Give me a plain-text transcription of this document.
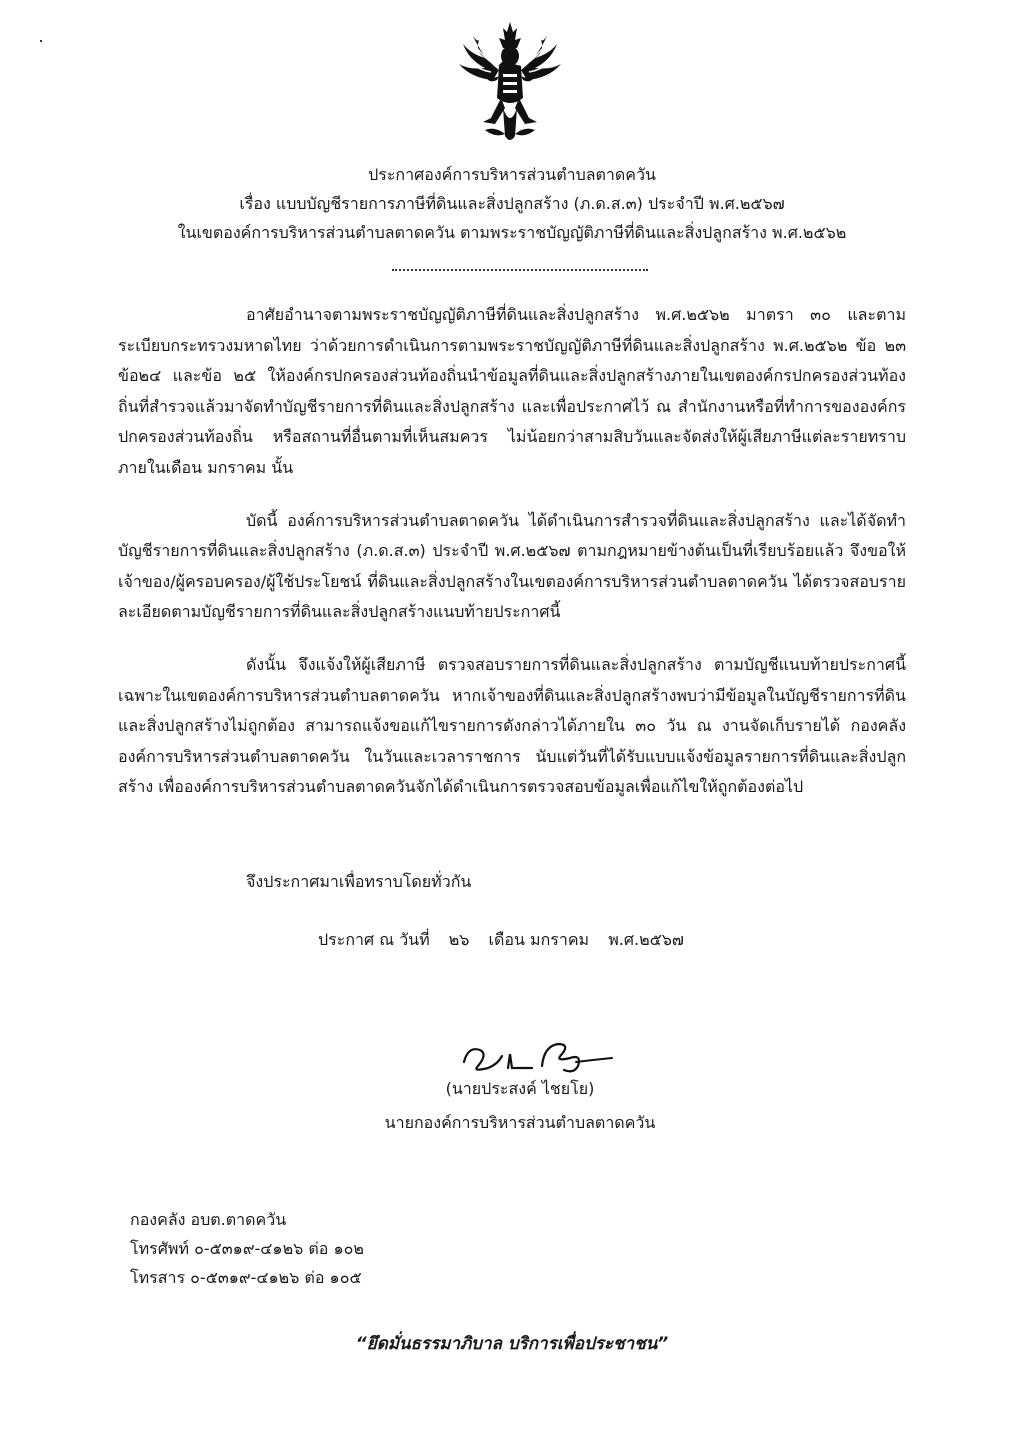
ประกาศองค์การบริหารส่วนตำบลตาดควัน
เรื่อง แบบบัญชีรายการภาษีที่ดินและสิ่งปลูกสร้าง (ภ.ด.ส.๓) ประจำปี พ.ศ.๒๕๖๗
ในเขตองค์การบริหารส่วนตำบลตาดควัน ตามพระราชบัญญัติภาษีที่ดินและสิ่งปลูกสร้าง พ.ศ.๒๕๖๒

อาศัยอำนาจตามพระราชบัญญัติภาษีที่ดินและสิ่งปลูกสร้าง พ.ศ.๒๕๖๒ มาตรา ๓๐ และตามระเบียบกระทรวงมหาดไทย ว่าด้วยการดำเนินการตามพระราชบัญญัติภาษีที่ดินและสิ่งปลูกสร้าง พ.ศ.๒๕๖๒ ข้อ ๒๓ ข้อ๒๔ และข้อ ๒๕ ให้องค์กรปกครองส่วนท้องถิ่นนำข้อมูลที่ดินและสิ่งปลูกสร้างภายในเขตองค์กรปกครองส่วนท้องถิ่นที่สำรวจแล้วมาจัดทำบัญชีรายการที่ดินและสิ่งปลูกสร้าง และเพื่อประกาศไว้ ณ สำนักงานหรือที่ทำการขององค์กรปกครองส่วนท้องถิ่น หรือสถานที่อื่นตามที่เห็นสมควร ไม่น้อยกว่าสามสิบวันและจัดส่งให้ผู้เสียภาษีแต่ละรายทราบภายในเดือน มกราคม นั้น

บัดนี้ องค์การบริหารส่วนตำบลตาดควัน ได้ดำเนินการสำรวจที่ดินและสิ่งปลูกสร้าง และได้จัดทำบัญชีรายการที่ดินและสิ่งปลูกสร้าง (ภ.ด.ส.๓) ประจำปี พ.ศ.๒๕๖๗ ตามกฎหมายข้างต้นเป็นที่เรียบร้อยแล้ว จึงขอให้เจ้าของ/ผู้ครอบครอง/ผู้ใช้ประโยชน์ ที่ดินและสิ่งปลูกสร้างในเขตองค์การบริหารส่วนตำบลตาดควัน ได้ตรวจสอบรายละเอียดตามบัญชีรายการที่ดินและสิ่งปลูกสร้างแนบท้ายประกาศนี้

ดังนั้น จึงแจ้งให้ผู้เสียภาษี ตรวจสอบรายการที่ดินและสิ่งปลูกสร้าง ตามบัญชีแนบท้ายประกาศนี้ เฉพาะในเขตองค์การบริหารส่วนตำบลตาดควัน หากเจ้าของที่ดินและสิ่งปลูกสร้างพบว่ามีข้อมูลในบัญชีรายการที่ดินและสิ่งปลูกสร้างไม่ถูกต้อง สามารถแจ้งขอแก้ไขรายการดังกล่าวได้ภายใน ๓๐ วัน ณ งานจัดเก็บรายได้ กองคลัง องค์การบริหารส่วนตำบลตาดควัน ในวันและเวลาราชการ นับแต่วันที่ได้รับแบบแจ้งข้อมูลรายการที่ดินและสิ่งปลูกสร้าง เพื่อองค์การบริหารส่วนตำบลตาดควันจักได้ดำเนินการตรวจสอบข้อมูลเพื่อแก้ไขให้ถูกต้องต่อไป

จึงประกาศมาเพื่อทราบโดยทั่วกัน
ประกาศ ณ วันที่ ๒๖ เดือน มกราคม พ.ศ.๒๕๖๗
(นายประสงค์ ไชยโย)
นายกองค์การบริหารส่วนตำบลตาดควัน
กองคลัง อบต.ตาดควัน
โทรศัพท์ ๐-๕๓๑๙-๔๑๒๖ ต่อ ๑๐๒
โทรสาร ๐-๕๓๑๙-๔๑๒๖ ต่อ ๑๐๕
“ยึดมั่นธรรมาภิบาล บริการเพื่อประชาชน”
